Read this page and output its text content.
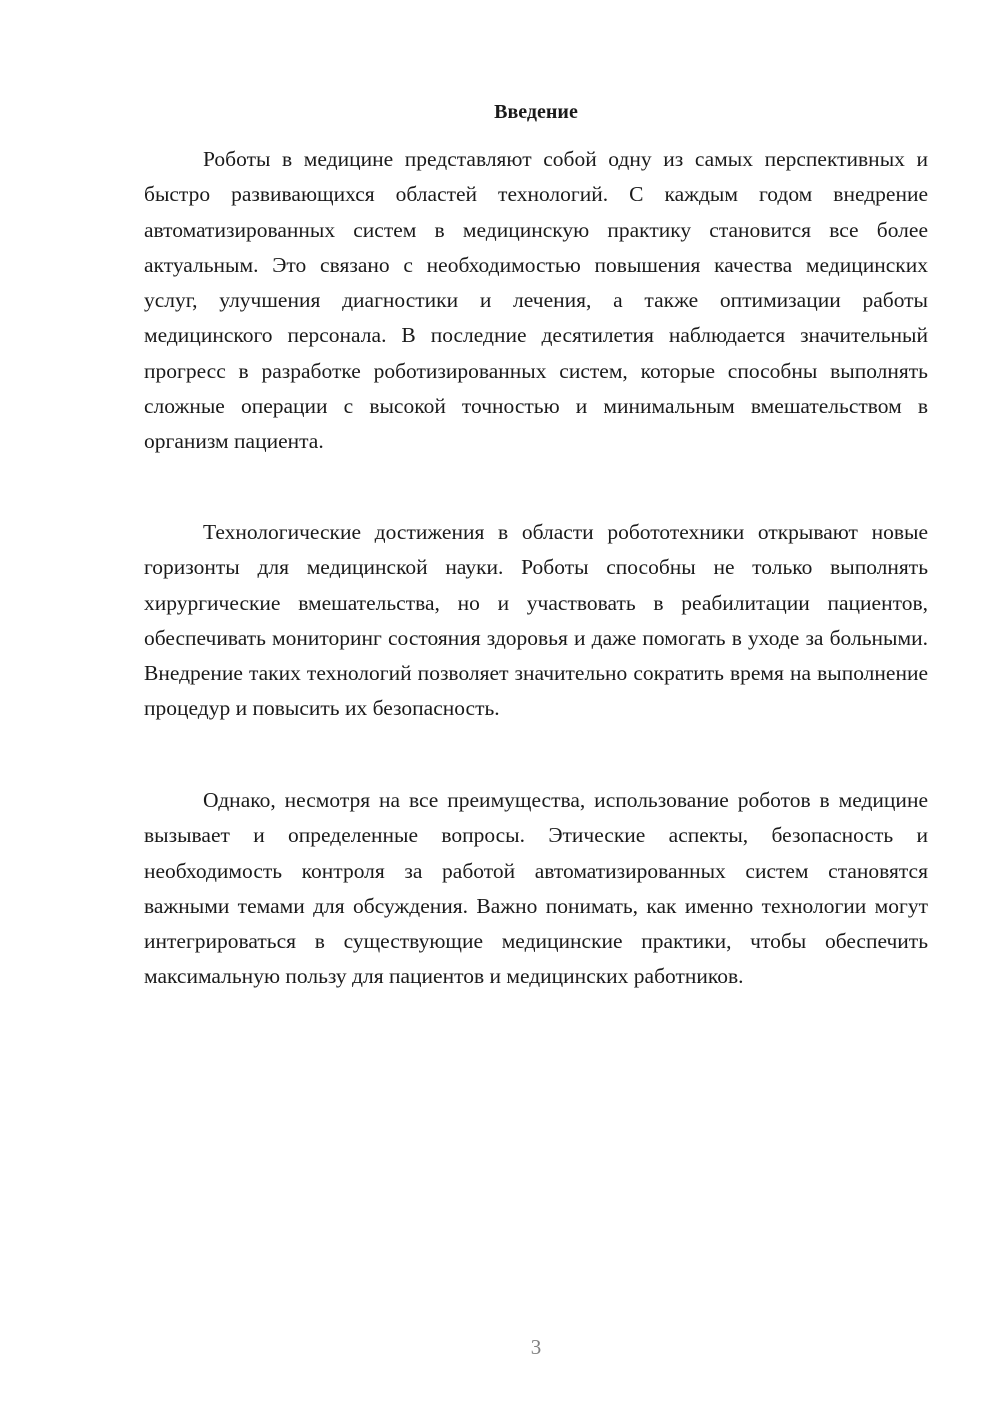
Введение

Роботы в медицине представляют собой одну из самых перспективных и быстро развивающихся областей технологий. С каждым годом внедрение автоматизированных систем в медицинскую практику становится все более актуальным. Это связано с необходимостью повышения качества медицинских услуг, улучшения диагностики и лечения, а также оптимизации работы медицинского персонала. В последние десятилетия наблюдается значительный прогресс в разработке роботизированных систем, которые способны выполнять сложные операции с высокой точностью и минимальным вмешательством в организм пациента.

Технологические достижения в области робототехники открывают новые горизонты для медицинской науки. Роботы способны не только выполнять хирургические вмешательства, но и участвовать в реабилитации пациентов, обеспечивать мониторинг состояния здоровья и даже помогать в уходе за больными. Внедрение таких технологий позволяет значительно сократить время на выполнение процедур и повысить их безопасность.

Однако, несмотря на все преимущества, использование роботов в медицине вызывает и определенные вопросы. Этические аспекты, безопасность и необходимость контроля за работой автоматизированных систем становятся важными темами для обсуждения. Важно понимать, как именно технологии могут интегрироваться в существующие медицинские практики, чтобы обеспечить максимальную пользу для пациентов и медицинских работников.

3
